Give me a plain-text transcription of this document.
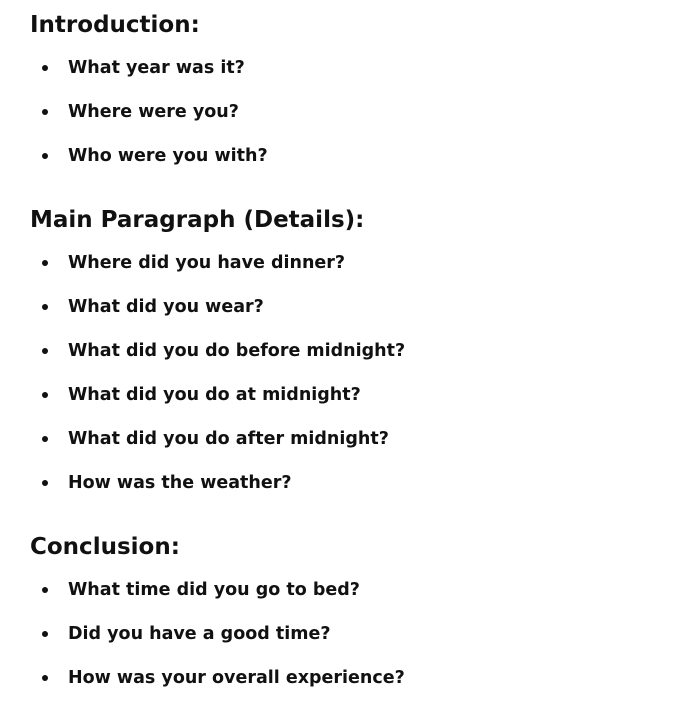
Introduction:
What year was it?
Where were you?
Who were you with?
Main Paragraph (Details):
Where did you have dinner?
What did you wear?
What did you do before midnight?
What did you do at midnight?
What did you do after midnight?
How was the weather?
Conclusion:
What time did you go to bed?
Did you have a good time?
How was your overall experience?
